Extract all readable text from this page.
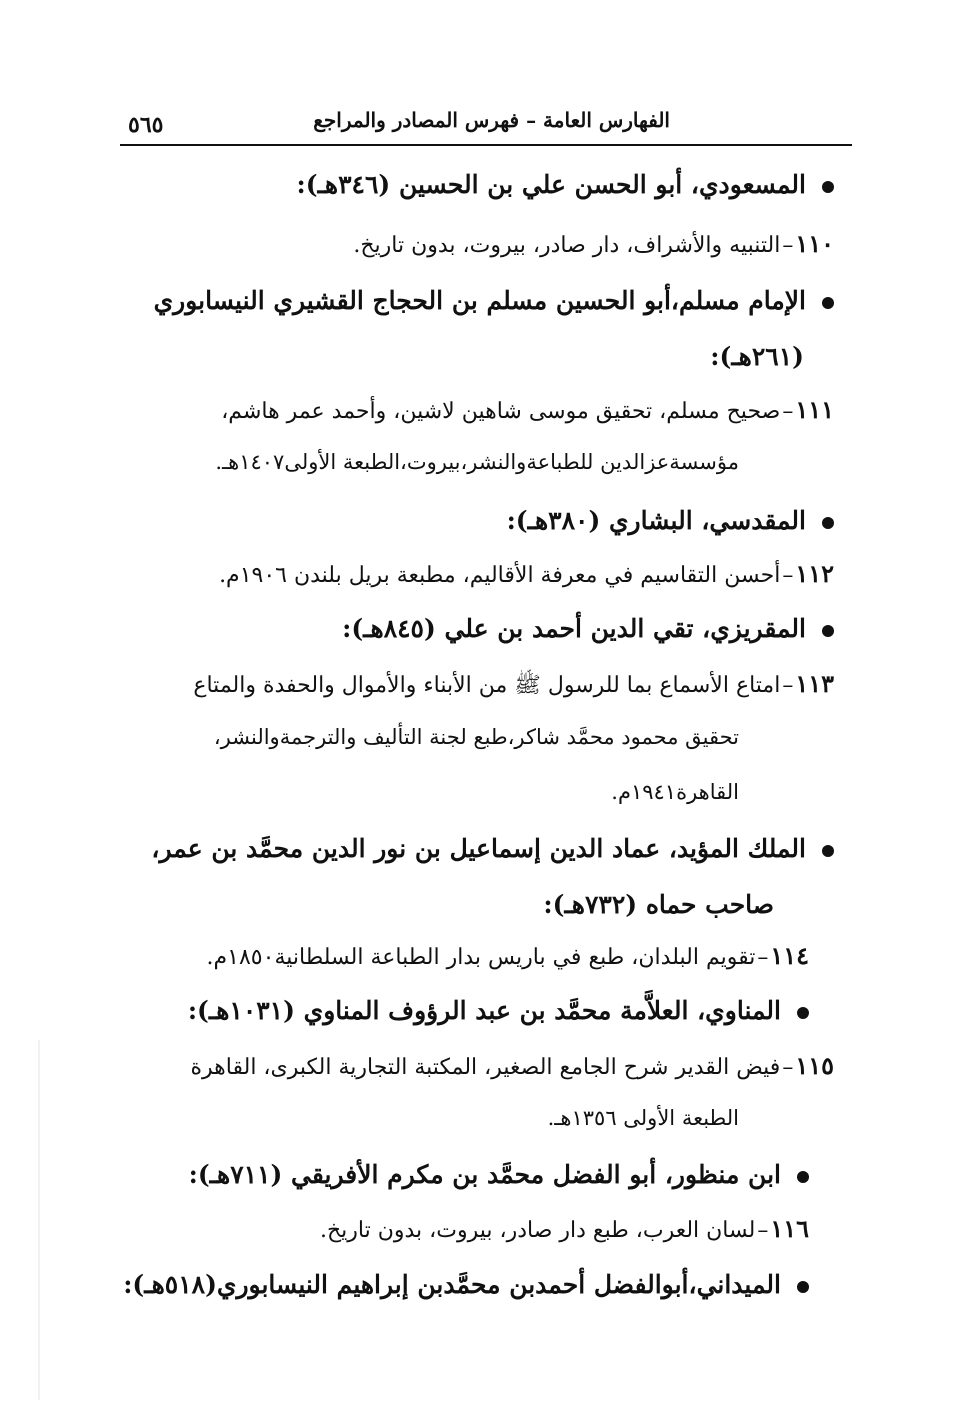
الفهارس العامة – فهرس المصادر والمراجع
٥٦٥
المسعودي، أبو الحسن علي بن الحسين (٣٤٦هـ):
١١٠–التنبيه والأشراف، دار صادر، بيروت، بدون تاريخ.
الإمام مسلم،أبو الحسين مسلم بن الحجاج القشيري النيسابوري
(٢٦١هـ):
١١١–صحيح مسلم، تحقيق موسى شاهين لاشين، وأحمد عمر هاشم،
مؤسسةعزالدين للطباعةوالنشر،بيروت،الطبعة الأولى١٤٠٧هـ.
المقدسي، البشاري (٣٨٠هـ):
١١٢–أحسن التقاسيم في معرفة الأقاليم، مطبعة بريل بلندن ١٩٠٦م.
المقريزي، تقي الدين أحمد بن علي (٨٤٥هـ):
١١٣–امتاع الأسماع بما للرسول ﷺ من الأبناء والأموال والحفدة والمتاع
تحقيق محمود محمَّد شاكر،طبع لجنة التأليف والترجمةوالنشر،
القاهرة١٩٤١م.
الملك المؤيد، عماد الدين إسماعيل بن نور الدين محمَّد بن عمر،
صاحب حماه (٧٣٢هـ):
١١٤–تقويم البلدان، طبع في باريس بدار الطباعة السلطانية١٨٥٠م.
المناوي، العلاَّمة محمَّد بن عبد الرؤوف المناوي (١٠٣١هـ):
١١٥–فيض القدير شرح الجامع الصغير، المكتبة التجارية الكبرى، القاهرة
الطبعة الأولى ١٣٥٦هـ.
ابن منظور، أبو الفضل محمَّد بن مكرم الأفريقي (٧١١هـ):
١١٦–لسان العرب، طبع دار صادر، بيروت، بدون تاريخ.
الميداني،أبوالفضل أحمدبن محمَّدبن إبراهيم النيسابوري(٥١٨هـ):
